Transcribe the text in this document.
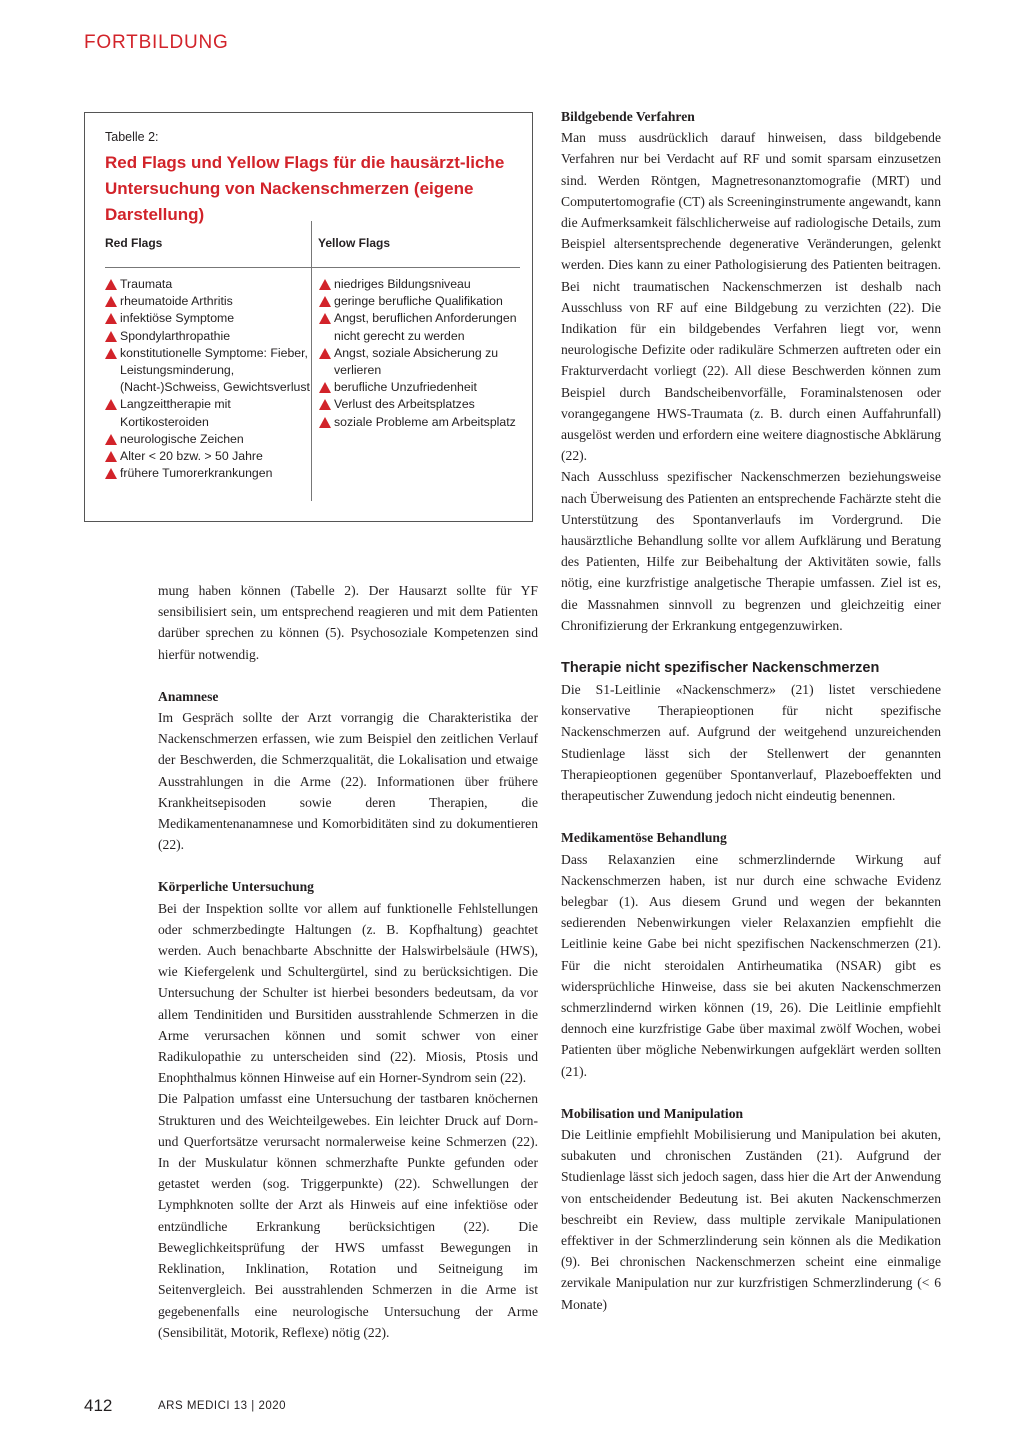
FORTBILDUNG
Tabelle 2:
Red Flags und Yellow Flags für die hausärzt-liche Untersuchung von Nackenschmerzen (eigene Darstellung)
Red Flags	Yellow Flags
Traumata
rheumatoide Arthritis
infektiöse Symptome
Spondylarthropathie
konstitutionelle Symptome: Fieber, Leistungsminderung, (Nacht-)Schweiss, Gewichtsverlust
Langzeittherapie mit Kortikosteroiden
neurologische Zeichen
Alter < 20 bzw. > 50 Jahre
frühere Tumorerkrankungen
niedriges Bildungsniveau
geringe berufliche Qualifikation
Angst, beruflichen Anforderungen nicht gerecht zu werden
Angst, soziale Absicherung zu verlieren
berufliche Unzufriedenheit
Verlust des Arbeitsplatzes
soziale Probleme am Arbeitsplatz

mung haben können (Tabelle 2). Der Hausarzt sollte für YF sensibilisiert sein, um entsprechend reagieren und mit dem Patienten darüber sprechen zu können (5). Psychosoziale Kompetenzen sind hierfür notwendig.

Anamnese

Im Gespräch sollte der Arzt vorrangig die Charakteristika der Nackenschmerzen erfassen, wie zum Beispiel den zeitlichen Verlauf der Beschwerden, die Schmerzqualität, die Lokalisation und etwaige Ausstrahlungen in die Arme (22). Informationen über frühere Krankheitsepisoden sowie deren Therapien, die Medikamentenanamnese und Komorbiditäten sind zu dokumentieren (22).

Körperliche Untersuchung

Bei der Inspektion sollte vor allem auf funktionelle Fehlstellungen oder schmerzbedingte Haltungen (z. B. Kopfhaltung) geachtet werden. Auch benachbarte Abschnitte der Halswirbelsäule (HWS), wie Kiefergelenk und Schultergürtel, sind zu berücksichtigen. Die Untersuchung der Schulter ist hierbei besonders bedeutsam, da vor allem Tendinitiden und Bursitiden ausstrahlende Schmerzen in die Arme verursachen können und somit schwer von einer Radikulopathie zu unterscheiden sind (22). Miosis, Ptosis und Enophthalmus können Hinweise auf ein Horner-Syndrom sein (22).

Die Palpation umfasst eine Untersuchung der tastbaren knöchernen Strukturen und des Weichteilgewebes. Ein leichter Druck auf Dorn- und Querfortsätze verursacht normalerweise keine Schmerzen (22). In der Muskulatur können schmerzhafte Punkte gefunden oder getastet werden (sog. Triggerpunkte) (22). Schwellungen der Lymphknoten sollte der Arzt als Hinweis auf eine infektiöse oder entzündliche Erkrankung berücksichtigen (22). Die Beweglichkeitsprüfung der HWS umfasst Bewegungen in Reklination, Inklination, Rotation und Seitneigung im Seitenvergleich. Bei ausstrahlenden Schmerzen in die Arme ist gegebenenfalls eine neurologische Untersuchung der Arme (Sensibilität, Motorik, Reflexe) nötig (22).

Bildgebende Verfahren

Man muss ausdrücklich darauf hinweisen, dass bildgebende Verfahren nur bei Verdacht auf RF und somit sparsam einzusetzen sind. Werden Röntgen, Magnetresonanztomografie (MRT) und Computertomografie (CT) als Screeninginstrumente angewandt, kann die Aufmerksamkeit fälschlicherweise auf radiologische Details, zum Beispiel altersentsprechende degenerative Veränderungen, gelenkt werden. Dies kann zu einer Pathologisierung des Patienten beitragen. Bei nicht traumatischen Nackenschmerzen ist deshalb nach Ausschluss von RF auf eine Bildgebung zu verzichten (22). Die Indikation für ein bildgebendes Verfahren liegt vor, wenn neurologische Defizite oder radikuläre Schmerzen auftreten oder ein Frakturverdacht vorliegt (22). All diese Beschwerden können zum Beispiel durch Bandscheibenvorfälle, Foraminalstenosen oder vorangegangene HWS-Traumata (z. B. durch einen Auffahrunfall) ausgelöst werden und erfordern eine weitere diagnostische Abklärung (22).

Nach Ausschluss spezifischer Nackenschmerzen beziehungsweise nach Überweisung des Patienten an entsprechende Fachärzte steht die Unterstützung des Spontanverlaufs im Vordergrund. Die hausärztliche Behandlung sollte vor allem Aufklärung und Beratung des Patienten, Hilfe zur Beibehaltung der Aktivitäten sowie, falls nötig, eine kurzfristige analgetische Therapie umfassen. Ziel ist es, die Massnahmen sinnvoll zu begrenzen und gleichzeitig einer Chronifizierung der Erkrankung entgegenzuwirken.

Therapie nicht spezifischer Nackenschmerzen

Die S1-Leitlinie «Nackenschmerz» (21) listet verschiedene konservative Therapieoptionen für nicht spezifische Nackenschmerzen auf. Aufgrund der weitgehend unzureichenden Studienlage lässt sich der Stellenwert der genannten Therapieoptionen gegenüber Spontanverlauf, Plazeboeffekten und therapeutischer Zuwendung jedoch nicht eindeutig benennen.

Medikamentöse Behandlung

Dass Relaxanzien eine schmerzlindernde Wirkung auf Nackenschmerzen haben, ist nur durch eine schwache Evidenz belegbar (1). Aus diesem Grund und wegen der bekannten sedierenden Nebenwirkungen vieler Relaxanzien empfiehlt die Leitlinie keine Gabe bei nicht spezifischen Nackenschmerzen (21). Für die nicht steroidalen Antirheumatika (NSAR) gibt es widersprüchliche Hinweise, dass sie bei akuten Nackenschmerzen schmerzlindernd wirken können (19, 26). Die Leitlinie empfiehlt dennoch eine kurzfristige Gabe über maximal zwölf Wochen, wobei Patienten über mögliche Nebenwirkungen aufgeklärt werden sollten (21).

Mobilisation und Manipulation

Die Leitlinie empfiehlt Mobilisierung und Manipulation bei akuten, subakuten und chronischen Zuständen (21). Aufgrund der Studienlage lässt sich jedoch sagen, dass hier die Art der Anwendung von entscheidender Bedeutung ist. Bei akuten Nackenschmerzen beschreibt ein Review, dass multiple zervikale Manipulationen effektiver in der Schmerzlinderung sein können als die Medikation (9). Bei chronischen Nackenschmerzen scheint eine einmalige zervikale Manipulation nur zur kurzfristigen Schmerzlinderung (< 6 Monate)

412	ARS MEDICI 13 | 2020
